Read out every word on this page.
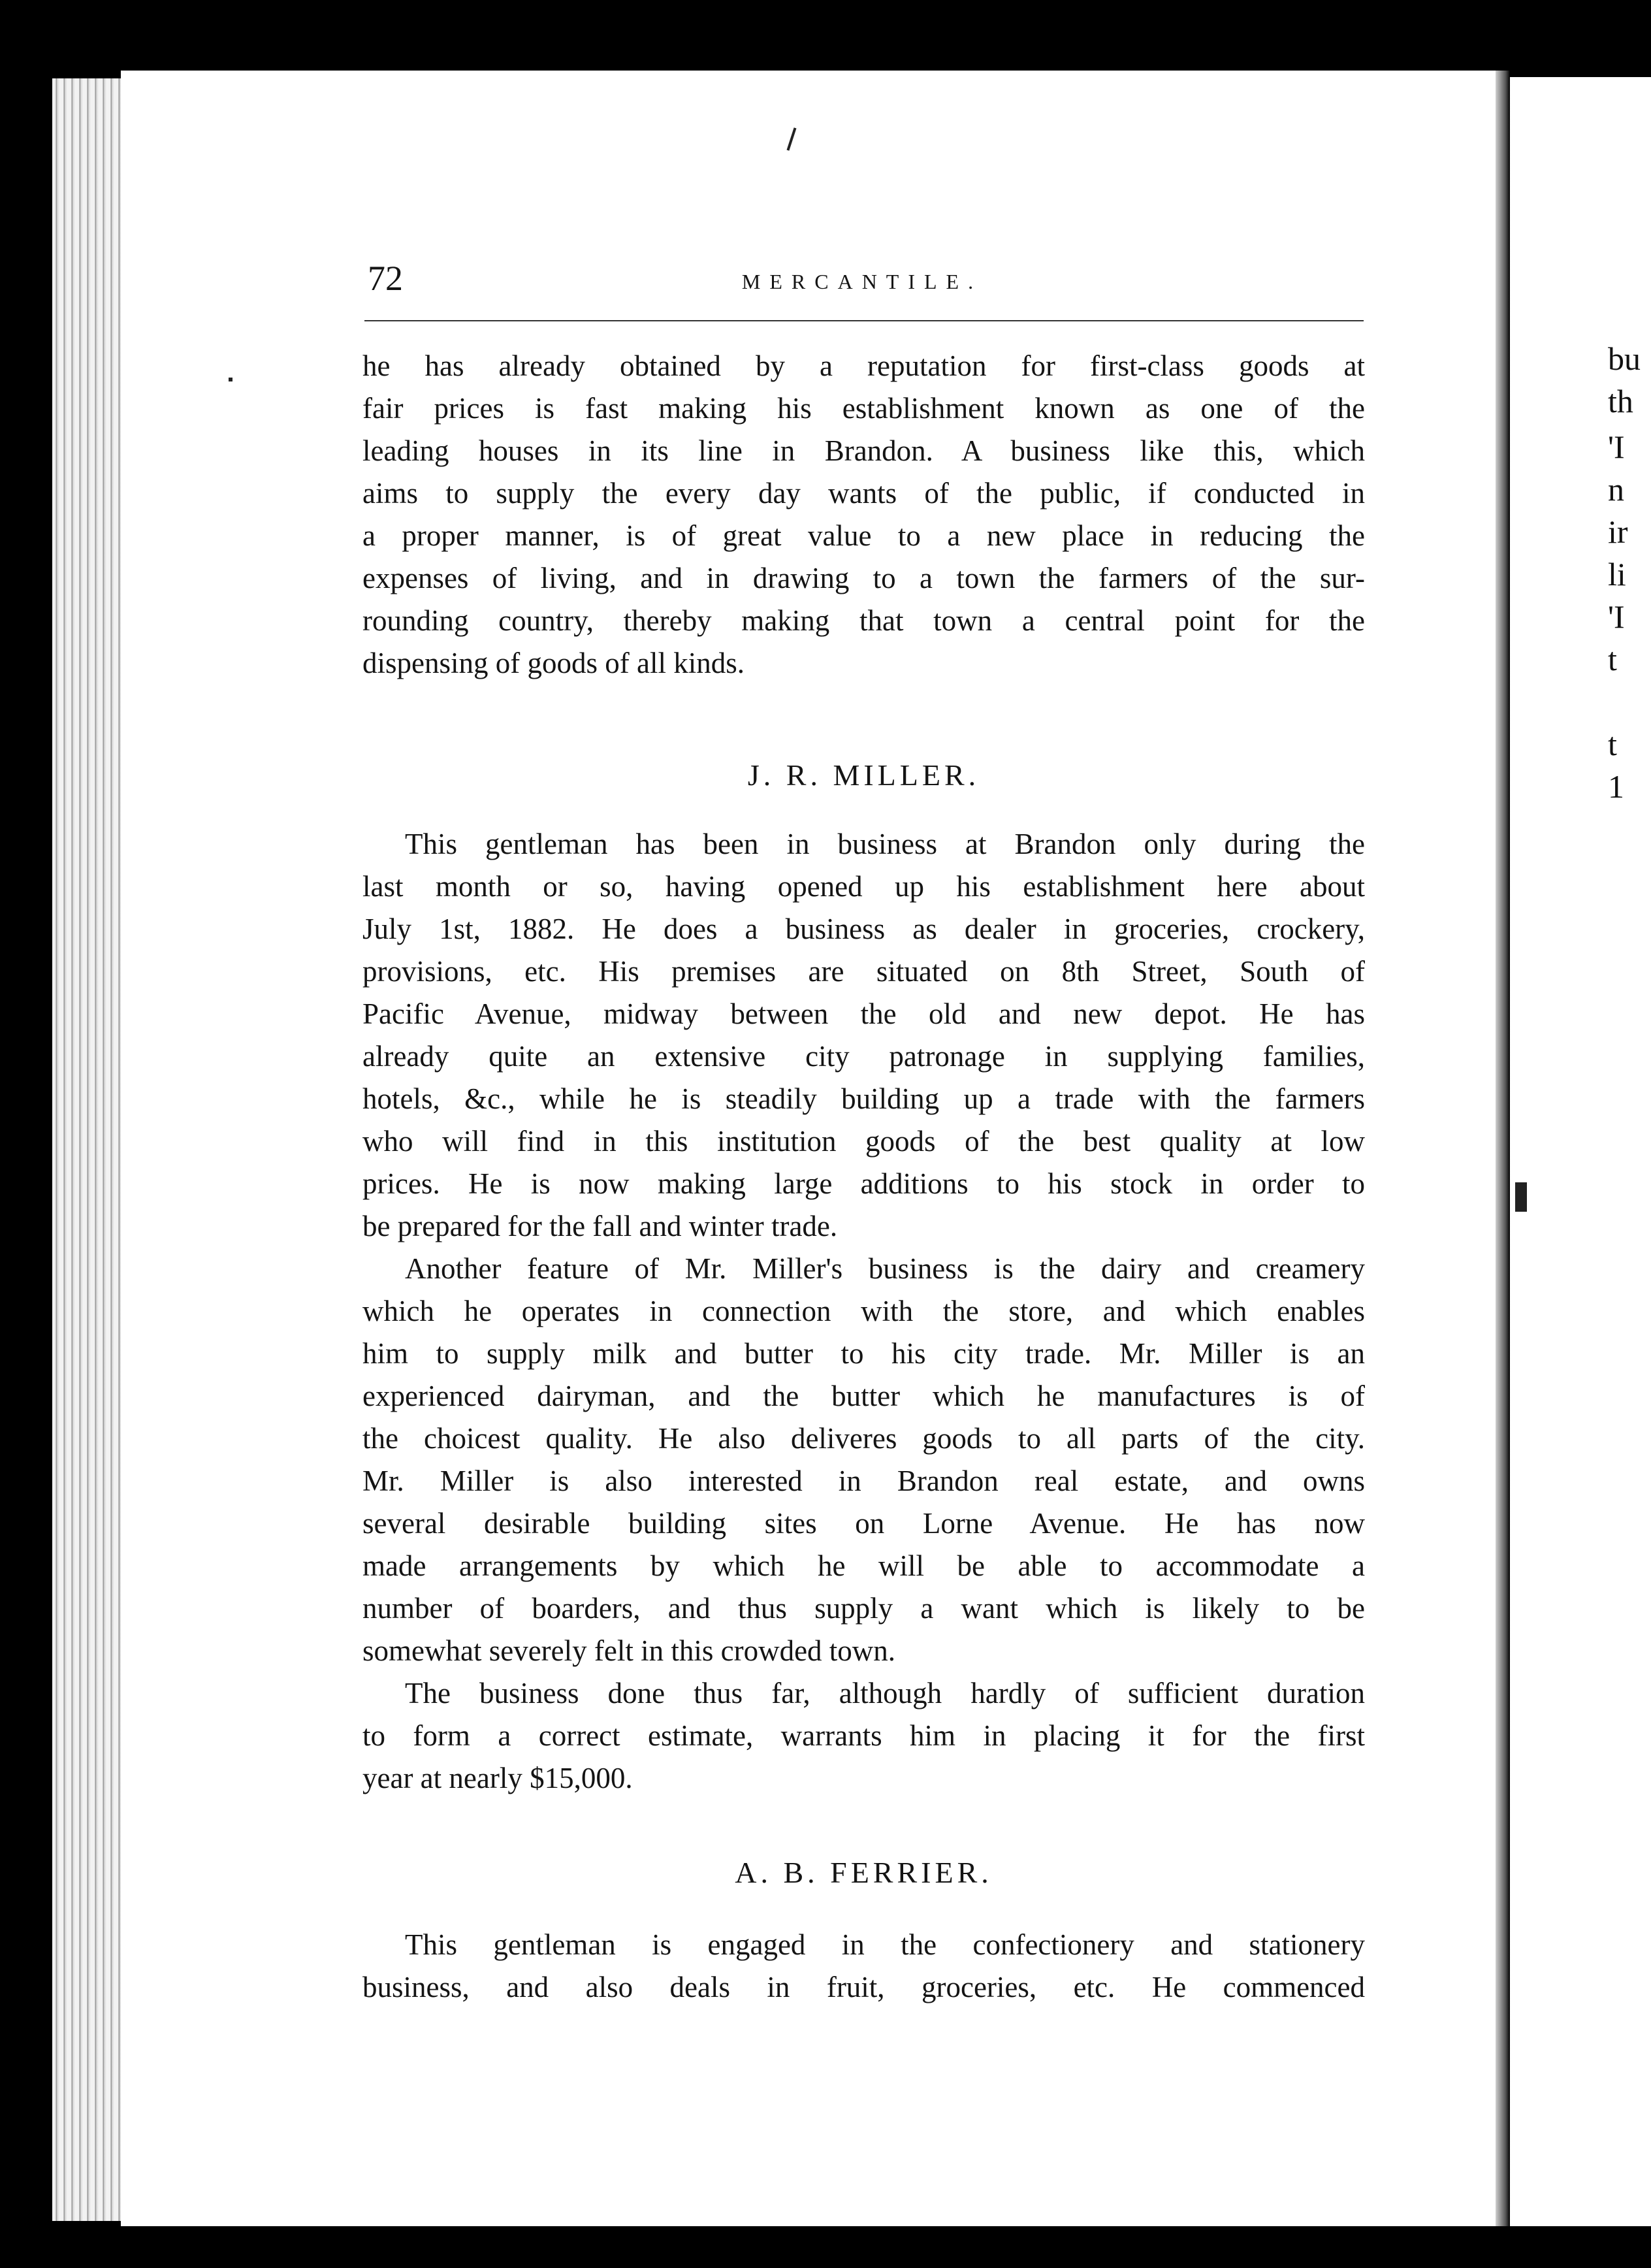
bu
th
'I
n
ir
li
'I
t
t
1
72	MERCANTILE.
he has already obtained by a reputation for first-class goods at
fair prices is fast making his establishment known as one of the
leading houses in its line in Brandon. A business like this, which
aims to supply the every day wants of the public, if conducted in
a proper manner, is of great value to a new place in reducing the
expenses of living, and in drawing to a town the farmers of the sur-
rounding country, thereby making that town a central point for the
dispensing of goods of all kinds.
J. R. MILLER.
This gentleman has been in business at Brandon only during the
last month or so, having opened up his establishment here about
July 1st, 1882. He does a business as dealer in groceries, crockery,
provisions, etc. His premises are situated on 8th Street, South of
Pacific Avenue, midway between the old and new depot. He has
already quite an extensive city patronage in supplying families,
hotels, &c., while he is steadily building up a trade with the farmers
who will find in this institution goods of the best quality at low
prices. He is now making large additions to his stock in order to
be prepared for the fall and winter trade.
Another feature of Mr. Miller's business is the dairy and creamery
which he operates in connection with the store, and which enables
him to supply milk and butter to his city trade. Mr. Miller is an
experienced dairyman, and the butter which he manufactures is of
the choicest quality. He also deliveres goods to all parts of the city.
Mr. Miller is also interested in Brandon real estate, and owns
several desirable building sites on Lorne Avenue. He has now
made arrangements by which he will be able to accommodate a
number of boarders, and thus supply a want which is likely to be
somewhat severely felt in this crowded town.
The business done thus far, although hardly of sufficient duration
to form a correct estimate, warrants him in placing it for the first
year at nearly $15,000.
A. B. FERRIER.
This gentleman is engaged in the confectionery and stationery
business, and also deals in fruit, groceries, etc. He commenced
